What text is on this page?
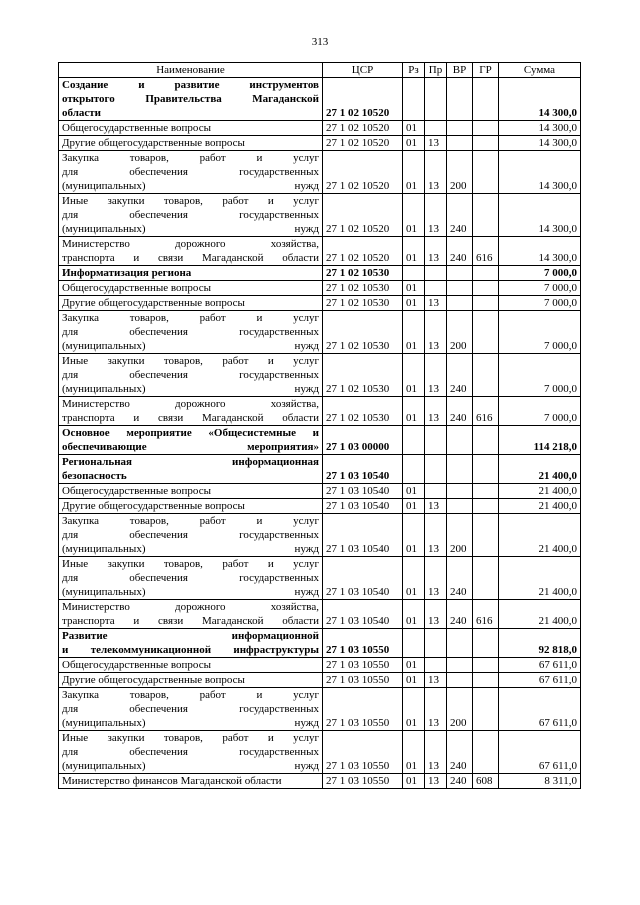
313
Наименование	ЦСР	Рз	Пр	ВР	ГР	Сумма
Создание и развитие инструментов
открытого Правительства Магаданской
области	27 1 02 10520					14 300,0
Общегосударственные вопросы	27 1 02 10520	01				14 300,0
Другие общегосударственные вопросы	27 1 02 10520	01	13			14 300,0
Закупка товаров, работ и услуг
для обеспечения государственных
(муниципальных) нужд	27 1 02 10520	01	13	200		14 300,0
Иные закупки товаров, работ и услуг
для обеспечения государственных
(муниципальных) нужд	27 1 02 10520	01	13	240		14 300,0
Министерство дорожного хозяйства,
транспорта и связи Магаданской области	27 1 02 10520	01	13	240	616	14 300,0
Информатизация региона	27 1 02 10530					7 000,0
Общегосударственные вопросы	27 1 02 10530	01				7 000,0
Другие общегосударственные вопросы	27 1 02 10530	01	13			7 000,0
Закупка товаров, работ и услуг
для обеспечения государственных
(муниципальных) нужд	27 1 02 10530	01	13	200		7 000,0
Иные закупки товаров, работ и услуг
для обеспечения государственных
(муниципальных) нужд	27 1 02 10530	01	13	240		7 000,0
Министерство дорожного хозяйства,
транспорта и связи Магаданской области	27 1 02 10530	01	13	240	616	7 000,0
Основное мероприятие «Общесистемные и
обеспечивающие мероприятия»	27 1 03 00000					114 218,0
Региональная информационная
безопасность	27 1 03 10540					21 400,0
Общегосударственные вопросы	27 1 03 10540	01				21 400,0
Другие общегосударственные вопросы	27 1 03 10540	01	13			21 400,0
Закупка товаров, работ и услуг
для обеспечения государственных
(муниципальных) нужд	27 1 03 10540	01	13	200		21 400,0
Иные закупки товаров, работ и услуг
для обеспечения государственных
(муниципальных) нужд	27 1 03 10540	01	13	240		21 400,0
Министерство дорожного хозяйства,
транспорта и связи Магаданской области	27 1 03 10540	01	13	240	616	21 400,0
Развитие информационной
и телекоммуникационной инфраструктуры	27 1 03 10550					92 818,0
Общегосударственные вопросы	27 1 03 10550	01				67 611,0
Другие общегосударственные вопросы	27 1 03 10550	01	13			67 611,0
Закупка товаров, работ и услуг
для обеспечения государственных
(муниципальных) нужд	27 1 03 10550	01	13	200		67 611,0
Иные закупки товаров, работ и услуг
для обеспечения государственных
(муниципальных) нужд	27 1 03 10550	01	13	240		67 611,0
Министерство финансов Магаданской области	27 1 03 10550	01	13	240	608	8 311,0
